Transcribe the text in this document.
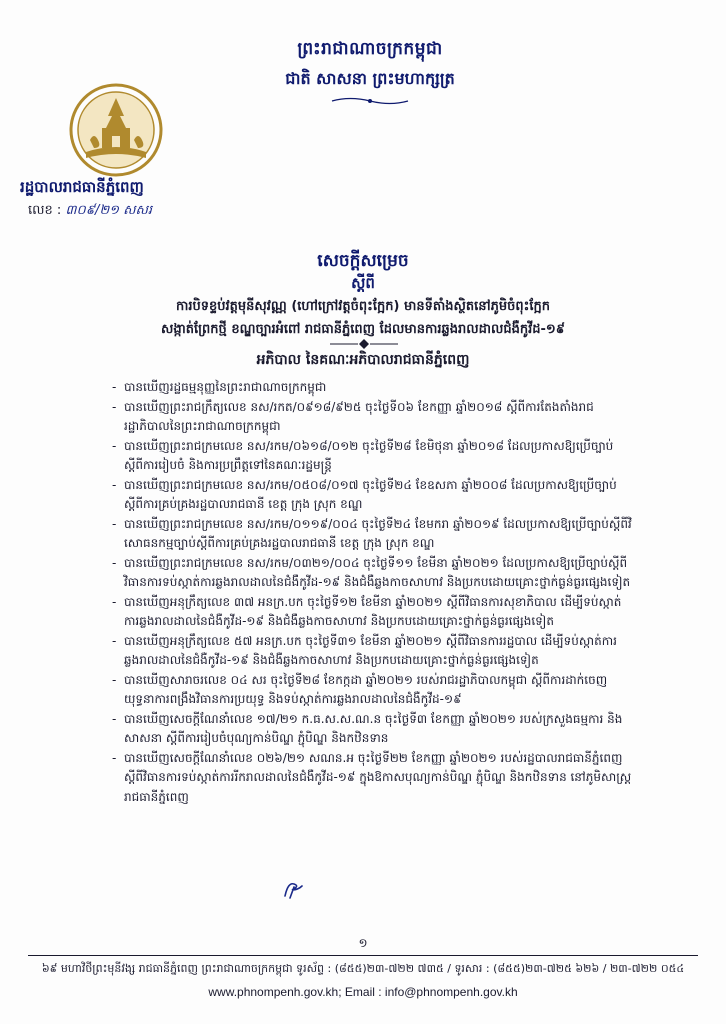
ព្រះរាជាណាចក្រកម្ពុជា
ជាតិ សាសនា ព្រះមហាក្សត្រ
រដ្ឋបាលរាជធានីភ្នំពេញ
លេខ : ៣០៩/២១ សសរ
សេចក្តីសម្រេច
ស្តីពី
ការបិទខ្ទប់វត្តមុនីសុវណ្ណ (ហៅក្រៅវត្តចំពុះក្អែក) មានទីតាំងស្ថិតនៅភូមិចំពុះក្អែក
សង្កាត់ព្រែកថ្មី ខណ្ឌច្បារអំពៅ រាជធានីភ្នំពេញ ដែលមានការឆ្លងរាលដាលជំងឺកូវីដ-១៩
អភិបាល នៃគណៈអភិបាលរាជធានីភ្នំពេញ
- បានឃើញរដ្ឋធម្មនុញ្ញនៃព្រះរាជាណាចក្រកម្ពុជា
- បានឃើញព្រះរាជក្រឹត្យលេខ នស/រកត/០៩១៨/៩២៥ ចុះថ្ងៃទី០៦ ខែកញ្ញា ឆ្នាំ២០១៨ ស្តីពីការតែងតាំងរាជរដ្ឋាភិបាលនៃព្រះរាជាណាចក្រកម្ពុជា
- បានឃើញព្រះរាជក្រមលេខ នស/រកម/០៦១៨/០១២ ចុះថ្ងៃទី២៨ ខែមិថុនា ឆ្នាំ២០១៨ ដែលប្រកាសឱ្យប្រើច្បាប់ស្តីពីការរៀបចំ និងការប្រព្រឹត្តទៅនៃគណៈរដ្ឋមន្ត្រី
- បានឃើញព្រះរាជក្រមលេខ នស/រកម/០៥០៨/០១៧ ចុះថ្ងៃទី២៤ ខែឧសភា ឆ្នាំ២០០៨ ដែលប្រកាសឱ្យប្រើច្បាប់ស្តីពីការគ្រប់គ្រងរដ្ឋបាលរាជធានី ខេត្ត ក្រុង ស្រុក ខណ្ឌ
- បានឃើញព្រះរាជក្រមលេខ នស/រកម/០១១៩/០០៤ ចុះថ្ងៃទី២៤ ខែមករា ឆ្នាំ២០១៩ ដែលប្រកាសឱ្យប្រើច្បាប់ស្តីពីវិសោធនកម្មច្បាប់ស្តីពីការគ្រប់គ្រងរដ្ឋបាលរាជធានី ខេត្ត ក្រុង ស្រុក ខណ្ឌ
- បានឃើញព្រះរាជក្រមលេខ នស/រកម/០៣២១/០០៤ ចុះថ្ងៃទី១១ ខែមីនា ឆ្នាំ២០២១ ដែលប្រកាសឱ្យប្រើច្បាប់ស្តីពីវិធានការទប់ស្កាត់ការឆ្លងរាលដាលនៃជំងឺកូវីដ-១៩ និងជំងឺឆ្លងកាចសាហាវ និងប្រកបដោយគ្រោះថ្នាក់ធ្ងន់ធ្ងរផ្សេងទៀត
- បានឃើញអនុក្រឹត្យលេខ ៣៧ អនក្រ.បក ចុះថ្ងៃទី១២ ខែមីនា ឆ្នាំ២០២១ ស្តីពីវិធានការសុខាភិបាល ដើម្បីទប់ស្កាត់ការឆ្លងរាលដាលនៃជំងឺកូវីដ-១៩ និងជំងឺឆ្លងកាចសាហាវ និងប្រកបដោយគ្រោះថ្នាក់ធ្ងន់ធ្ងរផ្សេងទៀត
- បានឃើញអនុក្រឹត្យលេខ ៥៧ អនក្រ.បក ចុះថ្ងៃទី៣១ ខែមីនា ឆ្នាំ២០២១ ស្តីពីវិធានការរដ្ឋបាល ដើម្បីទប់ស្កាត់ការឆ្លងរាលដាលនៃជំងឺកូវីដ-១៩ និងជំងឺឆ្លងកាចសាហាវ និងប្រកបដោយគ្រោះថ្នាក់ធ្ងន់ធ្ងរផ្សេងទៀត
- បានឃើញសារាចរលេខ ០៤ សរ ចុះថ្ងៃទី២៨ ខែកក្កដា ឆ្នាំ២០២១ របស់រាជរដ្ឋាភិបាលកម្ពុជា ស្តីពីការដាក់ចេញយុទ្ធនាការពង្រឹងវិធានការប្រយុទ្ធ និងទប់ស្កាត់ការឆ្លងរាលដាលនៃជំងឺកូវីដ-១៩
- បានឃើញសេចក្តីណែនាំលេខ ១៧/២១ ក.ធ.ស.ស.ណ.ន ចុះថ្ងៃទី៣ ខែកញ្ញា ឆ្នាំ២០២១ របស់ក្រសួងធម្មការ និងសាសនា ស្តីពីការរៀបចំបុណ្យកាន់បិណ្ឌ ភ្ជុំបិណ្ឌ និងកឋិនទាន
- បានឃើញសេចក្តីណែនាំលេខ ០២៦/២១ សណន.អ ចុះថ្ងៃទី២២ ខែកញ្ញា ឆ្នាំ២០២១ របស់រដ្ឋបាលរាជធានីភ្នំពេញ ស្តីពីវិធានការទប់ស្កាត់ការរីករាលដាលនៃជំងឺកូវីដ-១៩ ក្នុងឱកាសបុណ្យកាន់បិណ្ឌ ភ្ជុំបិណ្ឌ និងកឋិនទាន នៅភូមិសាស្ត្ររាជធានីភ្នំពេញ
១
៦៩ មហាវិថីព្រះមុនីវង្ស រាជធានីភ្នំពេញ ព្រះរាជាណាចក្រកម្ពុជា ទូរស័ព្ទ : (៨៥៥)២៣-៧២២ ៧៣៥ / ទូរសារ : (៨៥៥)២៣-៧២៥ ៦២៦ / ២៣-៧២២ ០៥៤
www.phnompenh.gov.kh; Email : info@phnompenh.gov.kh
